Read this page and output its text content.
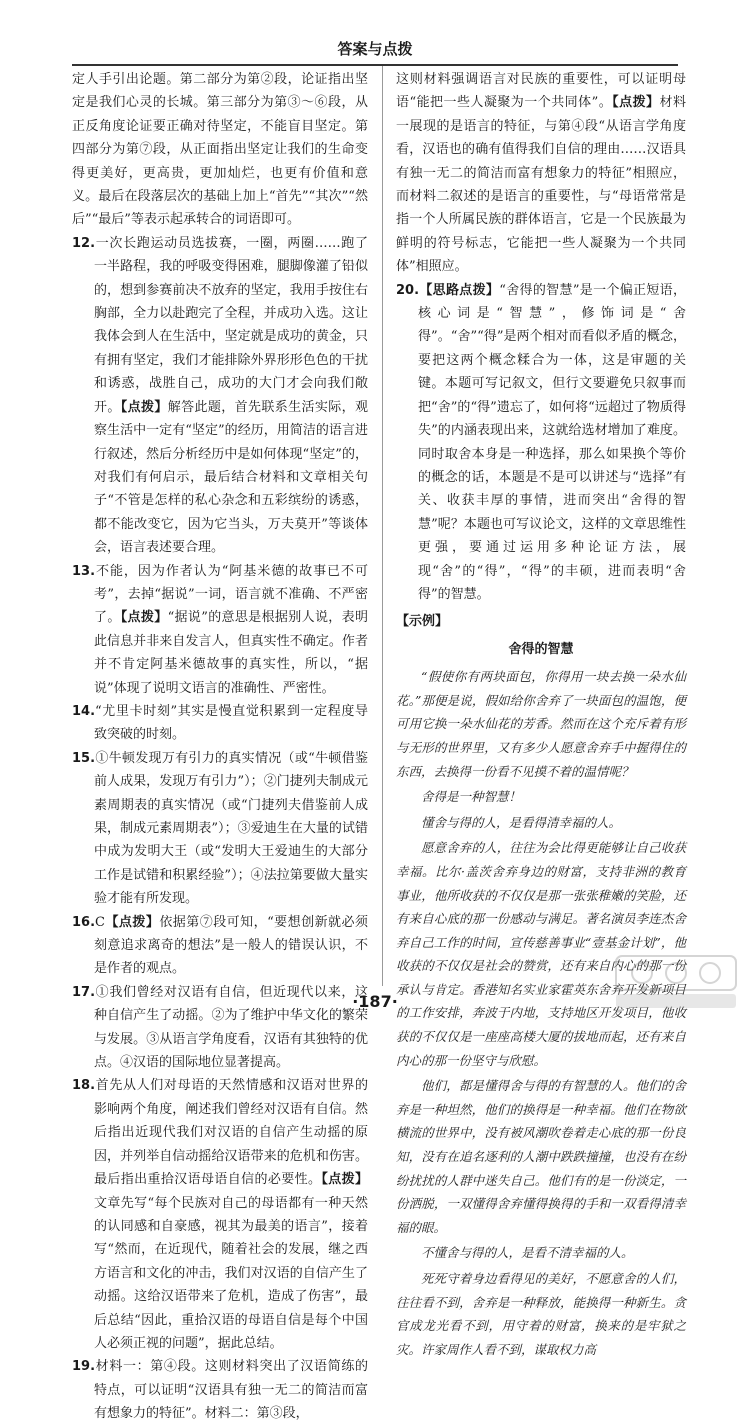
答案与点拨

定人手引出论题。第二部分为第②段，论证指出坚定是我们心灵的长城。第三部分为第③～⑥段，从正反角度论证要正确对待坚定，不能盲目坚定。第四部分为第⑦段，从正面指出坚定让我们的生命变得更美好，更高贵，更加灿烂，也更有价值和意义。最后在段落层次的基础上加上“首先”“其次”“然后”“最后”等表示起承转合的词语即可。

12.一次长跑运动员选拔赛，一圈，两圈……跑了一半路程，我的呼吸变得困难，腿脚像灌了铅似的，想到参赛前决不放弃的坚定，我用手按住右胸部，全力以赴跑完了全程，并成功入选。这让我体会到人在生活中，坚定就是成功的黄金，只有拥有坚定，我们才能排除外界形形色色的干扰和诱惑，战胜自己，成功的大门才会向我们敞开。【点拨】解答此题，首先联系生活实际，观察生活中一定有“坚定”的经历，用简洁的语言进行叙述，然后分析经历中是如何体现“坚定”的，对我们有何启示，最后结合材料和文章相关句子“不管是怎样的私心杂念和五彩缤纷的诱惑，都不能改变它，因为它当头，万夫莫开”等谈体会，语言表述要合理。

13.不能，因为作者认为“阿基米德的故事已不可考”，去掉“据说”一词，语言就不准确、不严密了。【点拨】“据说”的意思是根据别人说，表明此信息并非来自发言人，但真实性不确定。作者并不肯定阿基米德故事的真实性，所以，“据说”体现了说明文语言的准确性、严密性。

14.“尤里卡时刻”其实是慢直觉积累到一定程度导致突破的时刻。

15.①牛顿发现万有引力的真实情况（或“牛顿借鉴前人成果，发现万有引力”）；②门捷列夫制成元素周期表的真实情况（或“门捷列夫借鉴前人成果，制成元素周期表”）；③爱迪生在大量的试错中成为发明大王（或“发明大王爱迪生的大部分工作是试错和积累经验”）；④法拉第要做大量实验才能有所发现。

16.C【点拨】依据第⑦段可知，“要想创新就必须刻意追求离奇的想法”是一般人的错误认识，不是作者的观点。

17.①我们曾经对汉语有自信，但近现代以来，这种自信产生了动摇。②为了维护中华文化的繁荣与发展。③从语言学角度看，汉语有其独特的优点。④汉语的国际地位显著提高。

18.首先从人们对母语的天然情感和汉语对世界的影响两个角度，阐述我们曾经对汉语有自信。然后指出近现代我们对汉语的自信产生动摇的原因，并列举自信动摇给汉语带来的危机和伤害。最后指出重拾汉语母语自信的必要性。【点拨】文章先写“每个民族对自己的母语都有一种天然的认同感和自豪感，视其为最美的语言”，接着写“然而，在近现代，随着社会的发展，继之西方语言和文化的冲击，我们对汉语的自信产生了动摇。这给汉语带来了危机，造成了伤害”，最后总结“因此，重拾汉语的母语自信是每个中国人必须正视的问题”，据此总结。

19.材料一：第④段。这则材料突出了汉语简练的特点，可以证明“汉语具有独一无二的简洁而富有想象力的特征”。材料二：第③段，

这则材料强调语言对民族的重要性，可以证明母语“能把一些人凝聚为一个共同体”。【点拨】材料一展现的是语言的特征，与第④段“从语言学角度看，汉语也的确有值得我们自信的理由……汉语具有独一无二的简洁而富有想象力的特征”相照应，而材料二叙述的是语言的重要性，与“母语常常是指一个人所属民族的群体语言，它是一个民族最为鲜明的符号标志，它能把一些人凝聚为一个共同体”相照应。

20.【思路点拨】“舍得的智慧”是一个偏正短语，核心词是“智慧”，修饰词是“舍得”。“舍”“得”是两个相对而看似矛盾的概念，要把这两个概念糅合为一体，这是审题的关键。本题可写记叙文，但行文要避免只叙事而把“舍”的“得”遗忘了，如何将“远超过了物质得失”的内涵表现出来，这就给选材增加了难度。同时取舍本身是一种选择，那么如果换个等价的概念的话，本题是不是可以讲述与“选择”有关、收获丰厚的事情，进而突出“舍得的智慧”呢？本题也可写议论文，这样的文章思维性更强，要通过运用多种论证方法，展现“舍”的“得”，“得”的丰硕，进而表明“舍得”的智慧。

【示例】
舍得的智慧

“假使你有两块面包，你得用一块去换一朵水仙花。”那便是说，假如给你舍弃了一块面包的温饱，便可用它换一朵水仙花的芳香。然而在这个充斥着有形与无形的世界里，又有多少人愿意舍弃手中握得住的东西，去换得一份看不见摸不着的温情呢？

舍得是一种智慧！

懂舍与得的人，是看得清幸福的人。

愿意舍弃的人，往往为会比得更能够让自己收获幸福。比尔·盖茨舍弃身边的财富，支持非洲的教育事业，他所收获的不仅仅是那一张张稚嫩的笑脸，还有来自心底的那一份感动与满足。著名演员李连杰舍弃自己工作的时间，宣传慈善事业“壹基金计划”，他收获的不仅仅是社会的赞赏，还有来自内心的那一份承认与肯定。香港知名实业家霍英东舍弃开发新项目的工作安排，奔波于内地，支持地区开发项目，他收获的不仅仅是一座座高楼大厦的拔地而起，还有来自内心的那一份坚守与欣慰。

他们，都是懂得舍与得的有智慧的人。他们的舍弃是一种坦然，他们的换得是一种幸福。他们在物欲横流的世界中，没有被风潮吹卷着走心底的那一份良知，没有在追名逐利的人潮中跌跌撞撞，也没有在纷纷扰扰的人群中迷失自己。他们有的是一份淡定，一份洒脱，一双懂得舍弃懂得换得的手和一双看得清幸福的眼。

不懂舍与得的人，是看不清幸福的人。

死死守着身边看得见的美好，不愿意舍的人们，往往看不到，舍弃是一种释放，能换得一种新生。贪官成龙光看不到，用守着的财富，换来的是牢狱之灾。许家周作人看不到，谋取权力高

·187·
